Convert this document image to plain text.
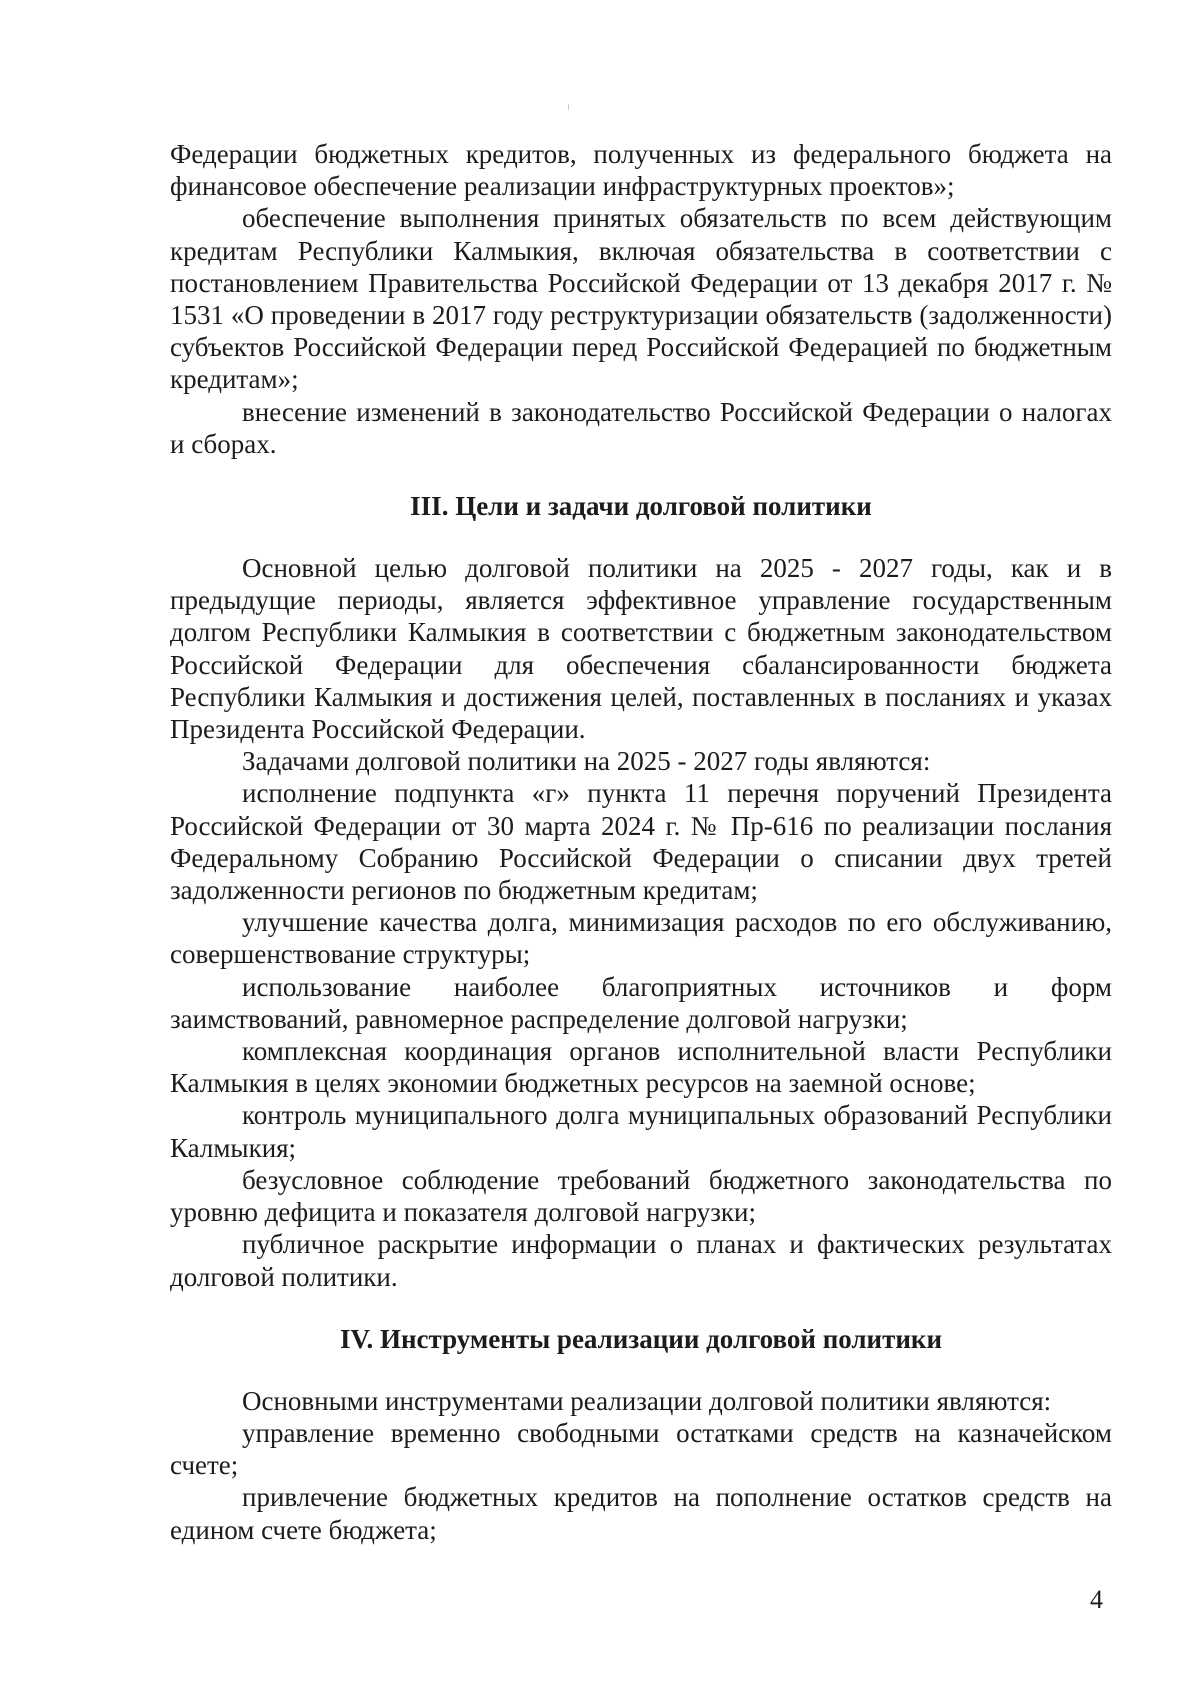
Федерации бюджетных кредитов, полученных из федерального бюджета на финансовое обеспечение реализации инфраструктурных проектов»;

обеспечение выполнения принятых обязательств по всем действующим кредитам Республики Калмыкия, включая обязательства в соответствии с постановлением Правительства Российской Федерации от 13 декабря 2017 г. № 1531 «О проведении в 2017 году реструктуризации обязательств (задолженности) субъектов Российской Федерации перед Российской Федерацией по бюджетным кредитам»;

внесение изменений в законодательство Российской Федерации о налогах и сборах.

III. Цели и задачи долговой политики

Основной целью долговой политики на 2025 - 2027 годы, как и в предыдущие периоды, является эффективное управление государственным долгом Республики Калмыкия в соответствии с бюджетным законодательством Российской Федерации для обеспечения сбалансированности бюджета Республики Калмыкия и достижения целей, поставленных в посланиях и указах Президента Российской Федерации.

Задачами долговой политики на 2025 - 2027 годы являются:

исполнение подпункта «г» пункта 11 перечня поручений Президента Российской Федерации от 30 марта 2024 г. № Пр-616 по реализации послания Федеральному Собранию Российской Федерации о списании двух третей задолженности регионов по бюджетным кредитам;

улучшение качества долга, минимизация расходов по его обслуживанию, совершенствование структуры;

использование наиболее благоприятных источников и форм заимствований, равномерное распределение долговой нагрузки;

комплексная координация органов исполнительной власти Республики Калмыкия в целях экономии бюджетных ресурсов на заемной основе;

контроль муниципального долга муниципальных образований Республики Калмыкия;

безусловное соблюдение требований бюджетного законодательства по уровню дефицита и показателя долговой нагрузки;

публичное раскрытие информации о планах и фактических результатах долговой политики.

IV. Инструменты реализации долговой политики

Основными инструментами реализации долговой политики являются:

управление временно свободными остатками средств на казначейском счете;

привлечение бюджетных кредитов на пополнение остатков средств на едином счете бюджета;

4
